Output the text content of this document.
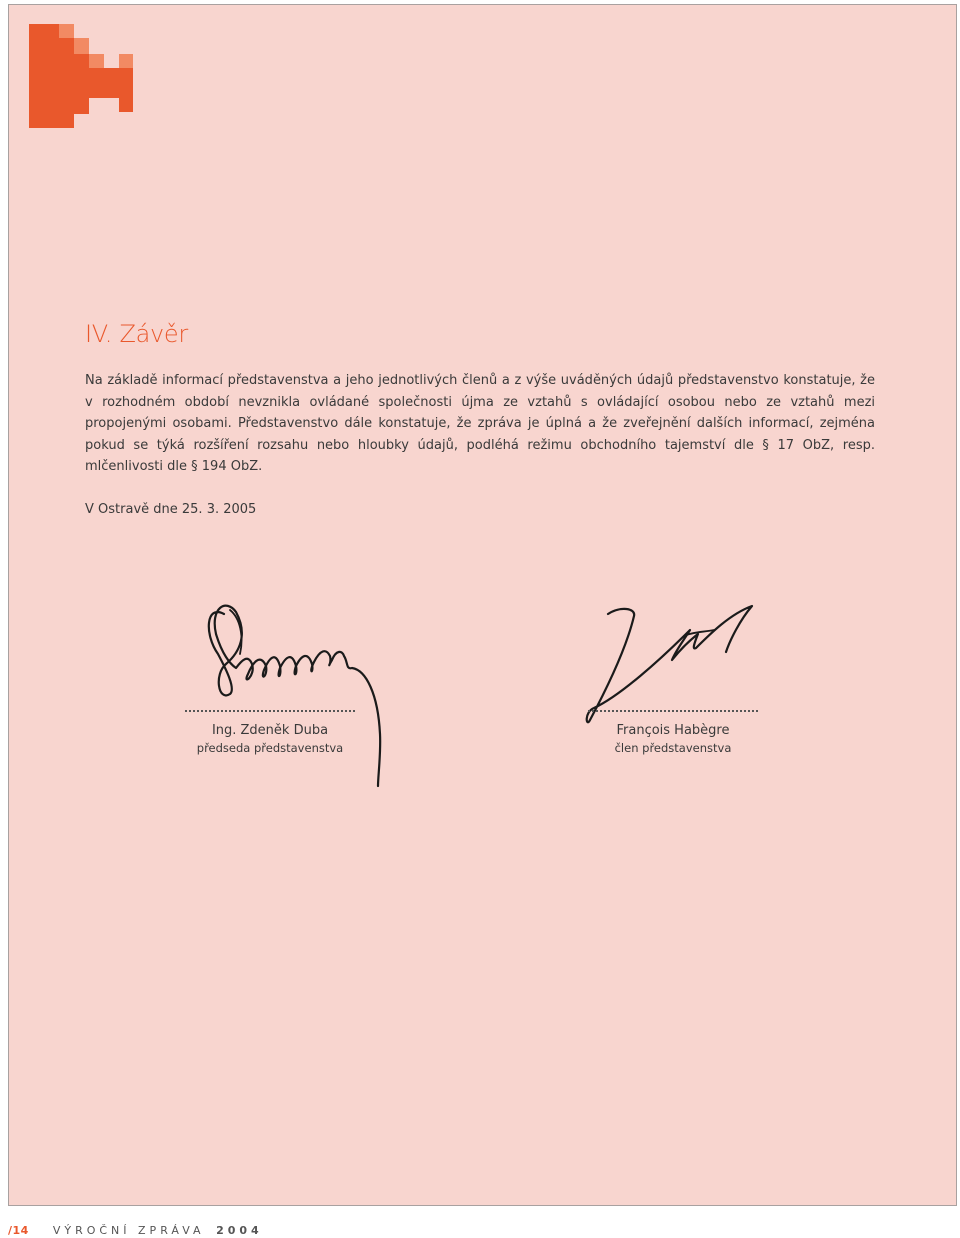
IV. Závěr

Na základě informací představenstva a jeho jednotlivých členů a z výše uváděných údajů představenstvo konstatuje, že v rozhodném období nevznikla ovládané společnosti újma ze vztahů s ovládající osobou nebo ze vztahů mezi propojenými osobami. Představenstvo dále konstatuje, že zpráva je úplná a že zveřejnění dalších informací, zejména pokud se týká rozšíření rozsahu nebo hloubky údajů, podléhá režimu obchodního tajemství dle § 17 ObZ, resp. mlčenlivosti dle § 194 ObZ.

V Ostravě dne 25. 3. 2005

Ing. Zdeněk Duba
předseda představenstva
François Habègre
člen představenstva
/14 VÝROČNÍ ZPRÁVA 2004
